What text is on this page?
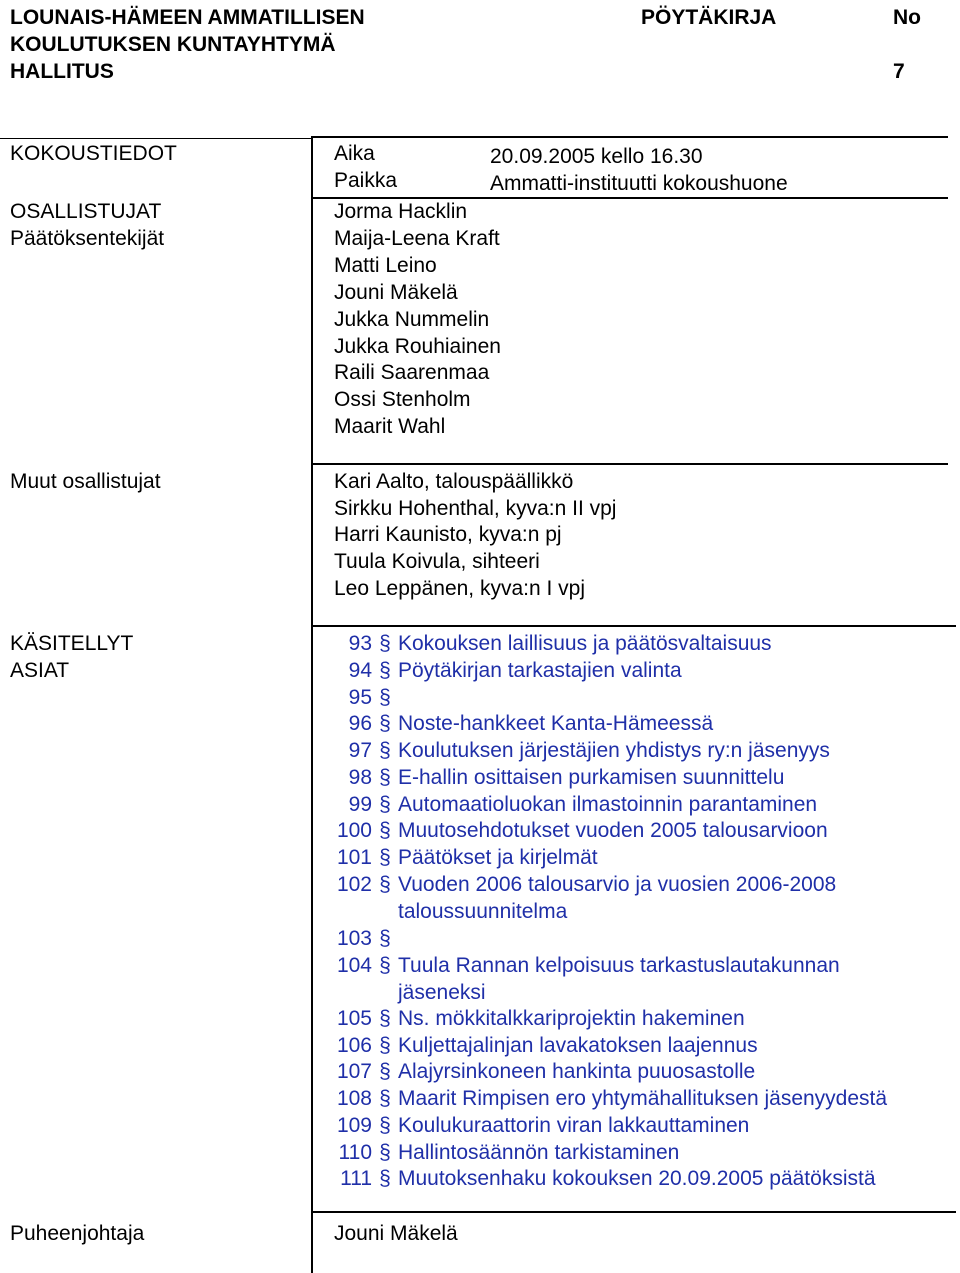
LOUNAIS-HÄMEEN AMMATILLISEN
KOULUTUKSEN KUNTAYHTYMÄ
HALLITUS
PÖYTÄKIRJA	No
7
KOKOUSTIEDOT	Aika	20.09.2005 kello 16.30
Paikka	Ammatti-instituutti kokoushuone
OSALLISTUJAT
Päätöksentekijät
Jorma Hacklin
Maija-Leena Kraft
Matti Leino
Jouni Mäkelä
Jukka Nummelin
Jukka Rouhiainen
Raili Saarenmaa
Ossi Stenholm
Maarit Wahl
Muut osallistujat	Kari Aalto, talouspäällikkö
Sirkku Hohenthal, kyva:n II vpj
Harri Kaunisto, kyva:n pj
Tuula Koivula, sihteeri
Leo Leppänen, kyva:n I vpj
KÄSITELLYT
ASIAT
93 § Kokouksen laillisuus ja päätösvaltaisuus
94 § Pöytäkirjan tarkastajien valinta
95 §
96 § Noste-hankkeet Kanta-Hämeessä
97 § Koulutuksen järjestäjien yhdistys ry:n jäsenyys
98 § E-hallin osittaisen purkamisen suunnittelu
99 § Automaatioluokan ilmastoinnin parantaminen
100 § Muutosehdotukset vuoden 2005 talousarvioon
101 § Päätökset ja kirjelmät
102 § Vuoden 2006 talousarvio ja vuosien 2006-2008
taloussuunnitelma
103 §
104 § Tuula Rannan kelpoisuus tarkastuslautakunnan
jäseneksi
105 § Ns. mökkitalkkariprojektin hakeminen
106 § Kuljettajalinjan lavakatoksen laajennus
107 § Alajyrsinkoneen hankinta puuosastolle
108 § Maarit Rimpisen ero yhtymähallituksen jäsenyydestä
109 § Koulukuraattorin viran lakkauttaminen
110 § Hallintosäännön tarkistaminen
111 § Muutoksenhaku kokouksen 20.09.2005 päätöksistä
Puheenjohtaja	Jouni Mäkelä
